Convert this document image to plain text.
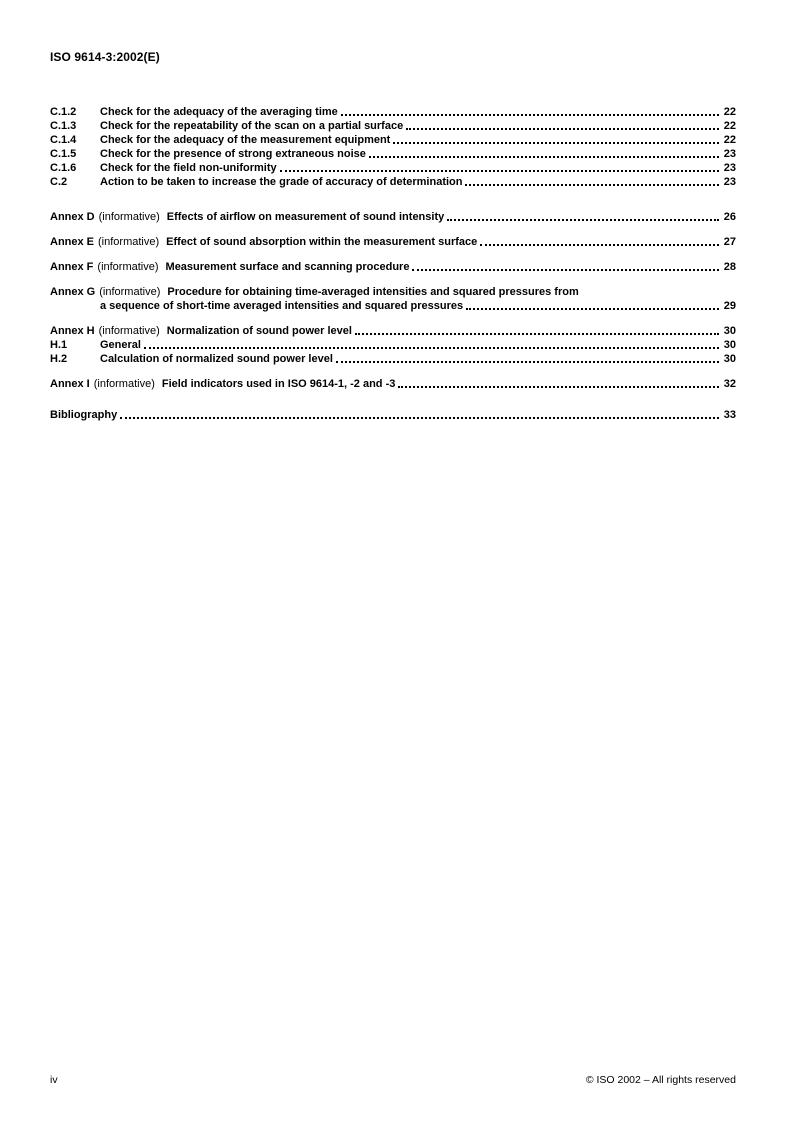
ISO 9614-3:2002(E)
C.1.2	Check for the adequacy of the averaging time	22
C.1.3	Check for the repeatability of the scan on a partial surface	22
C.1.4	Check for the adequacy of the measurement equipment	22
C.1.5	Check for the presence of strong extraneous noise	23
C.1.6	Check for the field non-uniformity	23
C.2	Action to be taken to increase the grade of accuracy of determination	23
Annex D (informative) Effects of airflow on measurement of sound intensity	26
Annex E (informative) Effect of sound absorption within the measurement surface	27
Annex F (informative) Measurement surface and scanning procedure	28
Annex G (informative) Procedure for obtaining time-averaged intensities and squared pressures from
a sequence of short-time averaged intensities and squared pressures	29
Annex H (informative) Normalization of sound power level	30
H.1	General	30
H.2	Calculation of normalized sound power level	30
Annex I (informative) Field indicators used in ISO 9614-1, -2 and -3	32
Bibliography	33
iv	© ISO 2002 – All rights reserved
